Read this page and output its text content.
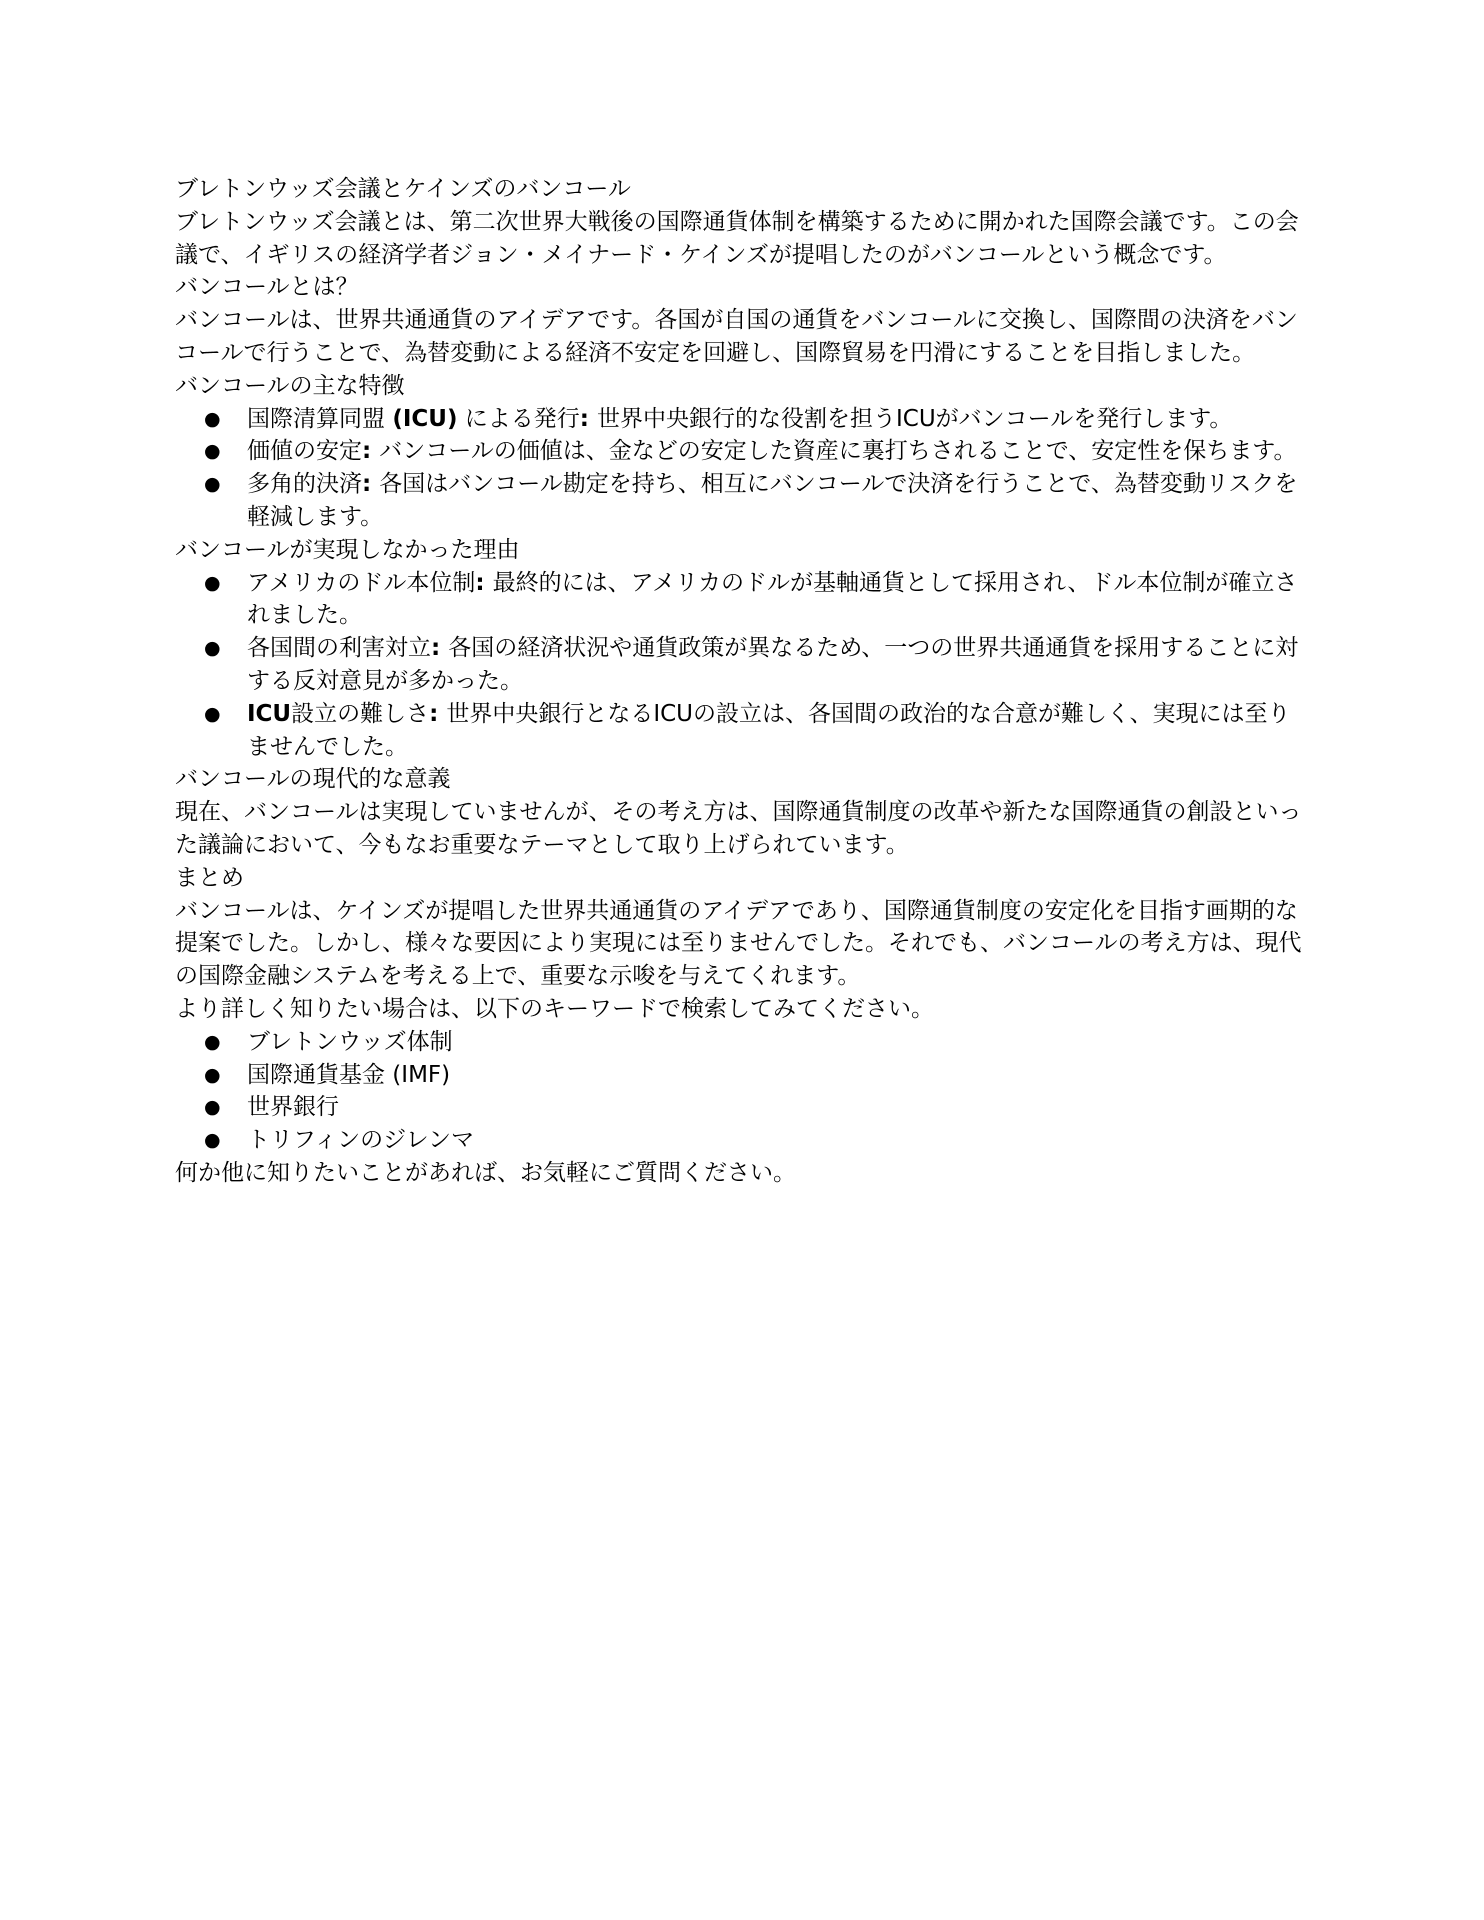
ブレトンウッズ会議とケインズのバンコール

ブレトンウッズ会議とは、第二次世界大戦後の国際通貨体制を構築するために開かれた国際会議です。この会議で、イギリスの経済学者ジョン・メイナード・ケインズが提唱したのがバンコールという概念です。

バンコールとは？

バンコールは、世界共通通貨のアイデアです。各国が自国の通貨をバンコールに交換し、国際間の決済をバンコールで行うことで、為替変動による経済不安定を回避し、国際貿易を円滑にすることを目指しました。

バンコールの主な特徴

● 国際清算同盟 (ICU) による発行: 世界中央銀行的な役割を担うICUがバンコールを発行します。
● 価値の安定: バンコールの価値は、金などの安定した資産に裏打ちされることで、安定性を保ちます。
● 多角的決済: 各国はバンコール勘定を持ち、相互にバンコールで決済を行うことで、為替変動リスクを軽減します。

バンコールが実現しなかった理由

● アメリカのドル本位制: 最終的には、アメリカのドルが基軸通貨として採用され、ドル本位制が確立されました。
● 各国間の利害対立: 各国の経済状況や通貨政策が異なるため、一つの世界共通通貨を採用することに対する反対意見が多かった。
● ICU設立の難しさ: 世界中央銀行となるICUの設立は、各国間の政治的な合意が難しく、実現には至りませんでした。

バンコールの現代的な意義

現在、バンコールは実現していませんが、その考え方は、国際通貨制度の改革や新たな国際通貨の創設といった議論において、今もなお重要なテーマとして取り上げられています。

まとめ

バンコールは、ケインズが提唱した世界共通通貨のアイデアであり、国際通貨制度の安定化を目指す画期的な提案でした。しかし、様々な要因により実現には至りませんでした。それでも、バンコールの考え方は、現代の国際金融システムを考える上で、重要な示唆を与えてくれます。

より詳しく知りたい場合は、以下のキーワードで検索してみてください。

● ブレトンウッズ体制
● 国際通貨基金 (IMF)
● 世界銀行
● トリフィンのジレンマ

何か他に知りたいことがあれば、お気軽にご質問ください。
